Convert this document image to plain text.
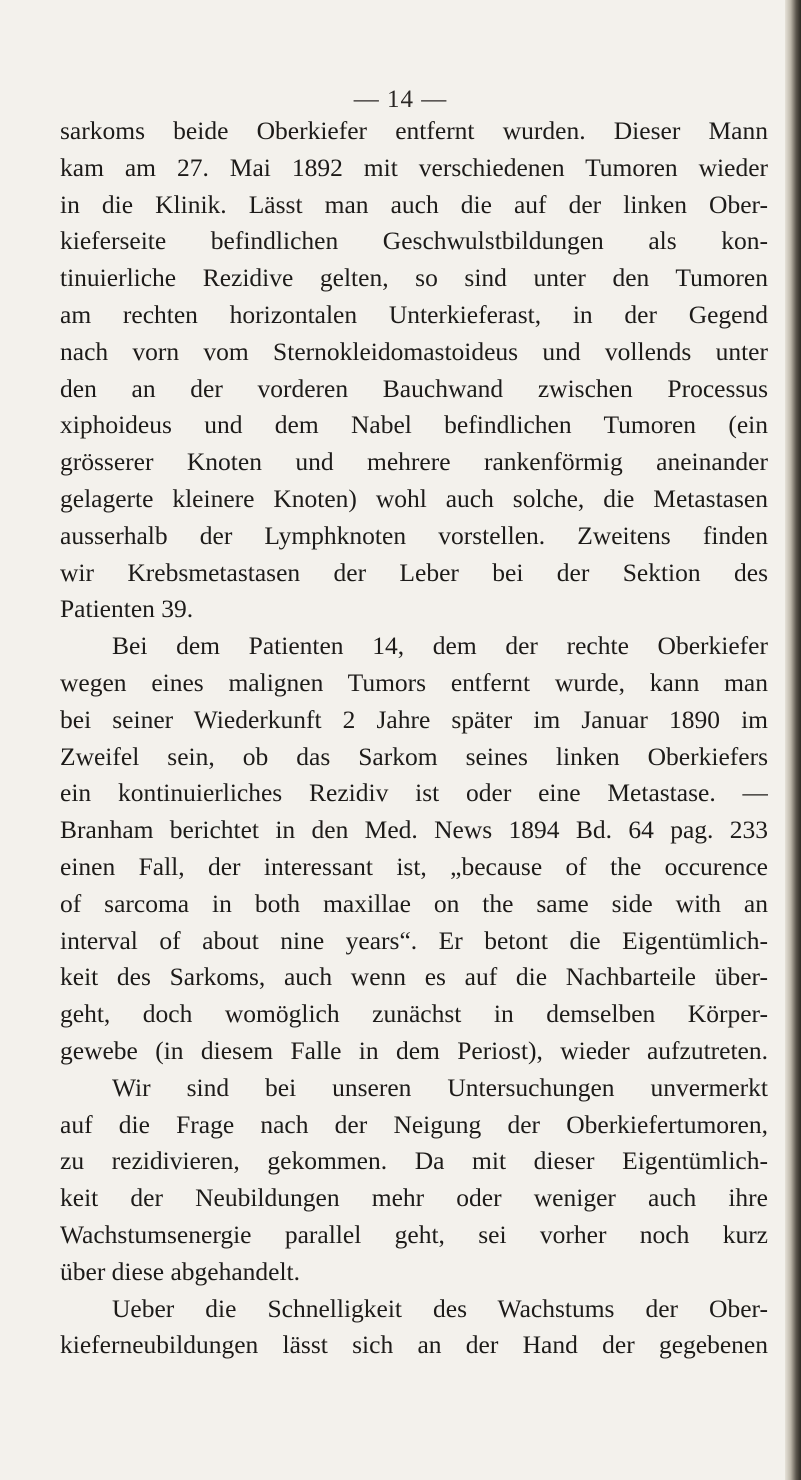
— 14 —
sarkoms beide Oberkiefer entfernt wurden. Dieser Mann
kam am 27. Mai 1892 mit verschiedenen Tumoren wieder
in die Klinik. Lässt man auch die auf der linken Ober-
kieferseite befindlichen Geschwulstbildungen als kon-
tinuierliche Rezidive gelten, so sind unter den Tumoren
am rechten horizontalen Unterkieferast, in der Gegend
nach vorn vom Sternokleidomastoideus und vollends unter
den an der vorderen Bauchwand zwischen Processus
xiphoideus und dem Nabel befindlichen Tumoren (ein
grösserer Knoten und mehrere rankenförmig aneinander
gelagerte kleinere Knoten) wohl auch solche, die Metastasen
ausserhalb der Lymphknoten vorstellen. Zweitens finden
wir Krebsmetastasen der Leber bei der Sektion des
Patienten 39.
Bei dem Patienten 14, dem der rechte Oberkiefer
wegen eines malignen Tumors entfernt wurde, kann man
bei seiner Wiederkunft 2 Jahre später im Januar 1890 im
Zweifel sein, ob das Sarkom seines linken Oberkiefers
ein kontinuierliches Rezidiv ist oder eine Metastase. —
Branham berichtet in den Med. News 1894 Bd. 64 pag. 233
einen Fall, der interessant ist, „because of the occurence
of sarcoma in both maxillae on the same side with an
interval of about nine years“. Er betont die Eigentümlich-
keit des Sarkoms, auch wenn es auf die Nachbarteile über-
geht, doch womöglich zunächst in demselben Körper-
gewebe (in diesem Falle in dem Periost), wieder aufzutreten.
Wir sind bei unseren Untersuchungen unvermerkt
auf die Frage nach der Neigung der Oberkiefertumoren,
zu rezidivieren, gekommen. Da mit dieser Eigentümlich-
keit der Neubildungen mehr oder weniger auch ihre
Wachstumsenergie parallel geht, sei vorher noch kurz
über diese abgehandelt.
Ueber die Schnelligkeit des Wachstums der Ober-
kieferneubildungen lässt sich an der Hand der gegebenen
